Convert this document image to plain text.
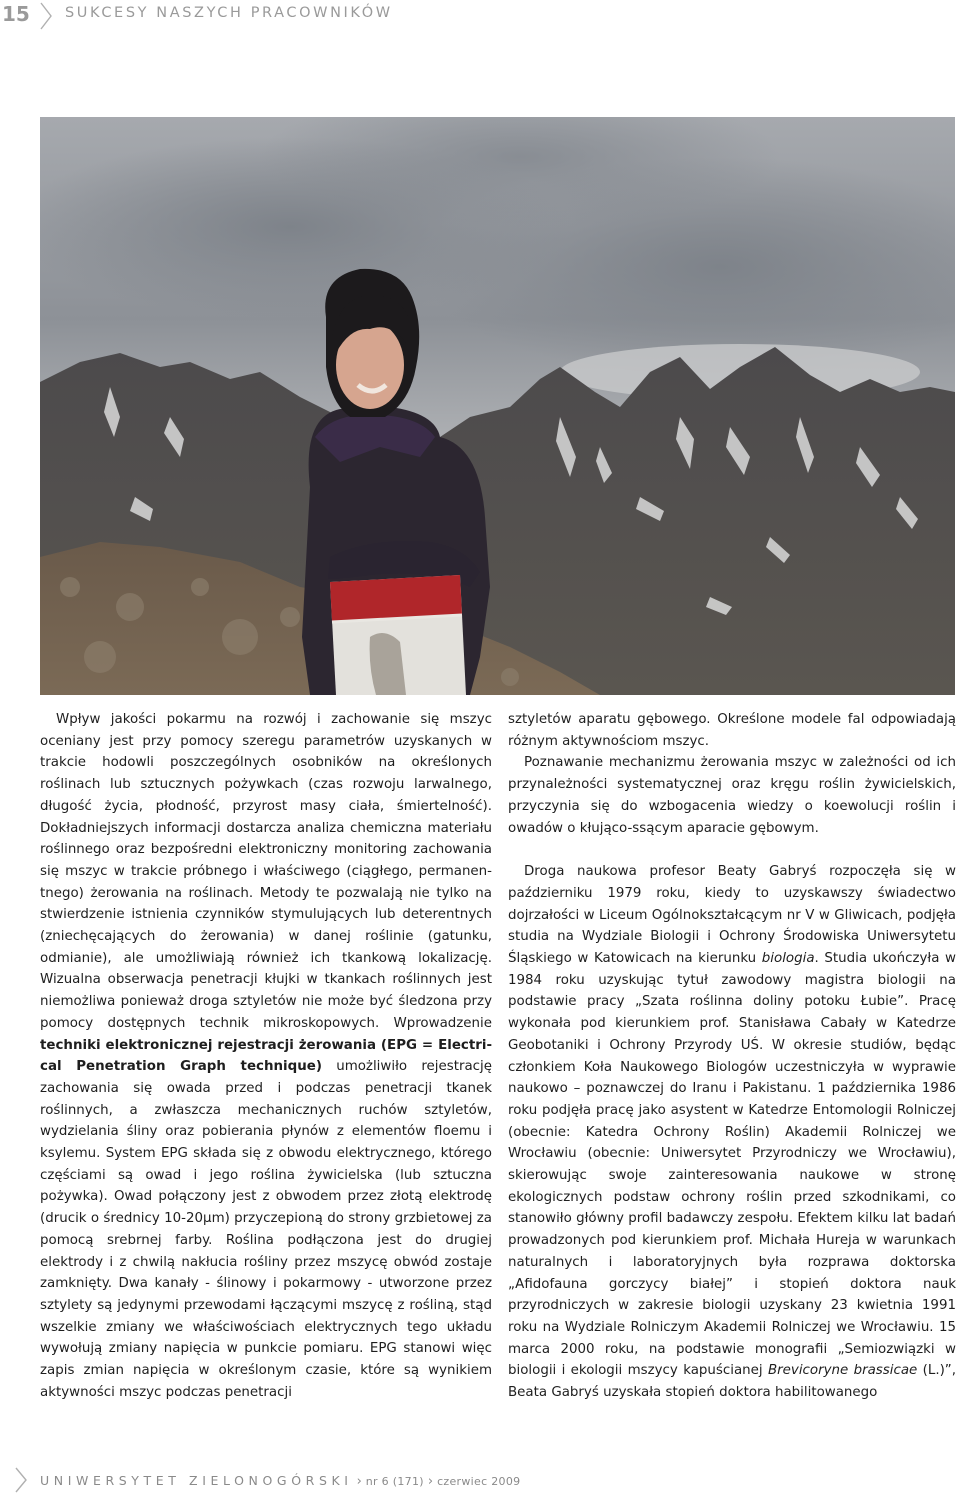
15 SUKCESY NASZYCH PRACOWNIKÓW

Wpływ jakości pokarmu na rozwój i zachowanie się mszyc oceniany jest przy pomocy szeregu parametrów uzyskanych w trakcie hodowli poszczególnych osobników na określonych roślinach lub sztucznych pożywkach (czas rozwoju larwalnego, długość życia, płodność, przyrost masy ciała, śmiertelność). Dokładniejszych informacji dostarcza analiza chemiczna materiału roślinnego oraz bezpośredni elektroniczny monitoring zachowania się mszyc w trakcie próbnego i właściwego (ciągłego, permanentnego) żerowania na roślinach. Metody te pozwalają nie tylko na stwierdzenie istnienia czynników stymulujących lub deterentnych (zniechęcających do żerowania) w danej roślinie (gatunku, odmianie), ale umożliwiają również ich tkankową lokalizację. Wizualna obserwacja penetracji kłujki w tkankach roślinnych jest niemożliwa ponieważ droga sztyletów nie może być śledzona przy pomocy dostępnych technik mikroskopowych. Wprowadzenie techniki elektronicznej rejestracji żerowania (EPG = Electrical Penetration Graph technique) umożliwiło rejestrację zachowania się owada przed i podczas penetracji tkanek roślinnych, a zwłaszcza mechanicznych ruchów sztyletów, wydzielania śliny oraz pobierania płynów z elementów floemu i ksylemu. System EPG składa się z obwodu elektrycznego, którego częściami są owad i jego roślina żywicielska (lub sztuczna pożywka). Owad połączony jest z obwodem przez złotą elektrodę (drucik o średnicy 10-20µm) przyczepioną do strony grzbietowej za pomocą srebrnej farby. Roślina podłączona jest do drugiej elektrody i z chwilą nakłucia rośliny przez mszycę obwód zostaje zamknięty. Dwa kanały - ślinowy i pokarmowy - utworzone przez sztylety są jedynymi przewodami łączącymi mszycę z rośliną, stąd wszelkie zmiany we właściwościach elektrycznych tego układu wywołują zmiany napięcia w punkcie pomiaru. EPG stanowi więc zapis zmian napięcia w określonym czasie, które są wynikiem aktywności mszyc podczas penetracji

sztyletów aparatu gębowego. Określone modele fal odpowiadają różnym aktywnościom mszyc.

Poznawanie mechanizmu żerowania mszyc w zależności od ich przynależności systematycznej oraz kręgu roślin żywicielskich, przyczynia się do wzbogacenia wiedzy o koewolucji roślin i owadów o kłująco-ssącym aparacie gębowym.

Droga naukowa profesor Beaty Gabryś rozpoczęła się w październiku 1979 roku, kiedy to uzyskawszy świadectwo dojrzałości w Liceum Ogólnokształcącym nr V w Gliwicach, podjęła studia na Wydziale Biologii i Ochrony Środowiska Uniwersytetu Śląskiego w Katowicach na kierunku biologia. Studia ukończyła w 1984 roku uzyskując tytuł zawodowy magistra biologii na podstawie pracy „Szata roślinna doliny potoku Łubie”. Pracę wykonała pod kierunkiem prof. Stanisława Cabały w Katedrze Geobotaniki i Ochrony Przyrody UŚ. W okresie studiów, będąc członkiem Koła Naukowego Biologów uczestniczyła w wyprawie naukowo – poznawczej do Iranu i Pakistanu. 1 października 1986 roku podjęła pracę jako asystent w Katedrze Entomologii Rolniczej (obecnie: Katedra Ochrony Roślin) Akademii Rolniczej we Wrocławiu (obecnie: Uniwersytet Przyrodniczy we Wrocławiu), skierowując swoje zainteresowania naukowe w stronę ekologicznych podstaw ochrony roślin przed szkodnikami, co stanowiło główny profil badawczy zespołu. Efektem kilku lat badań prowadzonych pod kierunkiem prof. Michała Hureja w warunkach naturalnych i laboratoryjnych była rozprawa doktorska „Afidofauna gorczycy białej” i stopień doktora nauk przyrodniczych w zakresie biologii uzyskany 23 kwietnia 1991 roku na Wydziale Rolniczym Akademii Rolniczej we Wrocławiu. 15 marca 2000 roku, na podstawie monografii „Semiozwiązki w biologii i ekologii mszycy kapuścianej Brevicoryne brassicae (L.)”, Beata Gabryś uzyskała stopień doktora habilitowanego

UNIWERSYTET ZIELONOGÓRSKI › nr 6 (171) › czerwiec 2009
